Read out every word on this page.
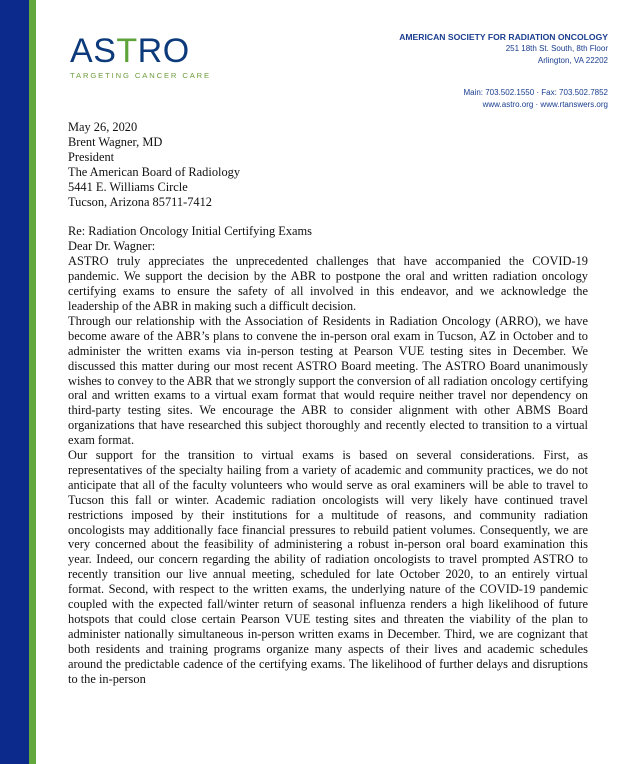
ASTRO
TARGETING CANCER CARE
AMERICAN SOCIETY FOR RADIATION ONCOLOGY
251 18th St. South, 8th Floor
Arlington, VA 22202
Main: 703.502.1550 · Fax: 703.502.7852
www.astro.org · www.rtanswers.org

May 26, 2020

Brent Wagner, MD

President

The American Board of Radiology

5441 E. Williams Circle

Tucson, Arizona 85711-7412

Re: Radiation Oncology Initial Certifying Exams

Dear Dr. Wagner:

ASTRO truly appreciates the unprecedented challenges that have accompanied the COVID-19 pandemic. We support the decision by the ABR to postpone the oral and written radiation oncology certifying exams to ensure the safety of all involved in this endeavor, and we acknowledge the leadership of the ABR in making such a difficult decision.

Through our relationship with the Association of Residents in Radiation Oncology (ARRO), we have become aware of the ABR’s plans to convene the in-person oral exam in Tucson, AZ in October and to administer the written exams via in-person testing at Pearson VUE testing sites in December. We discussed this matter during our most recent ASTRO Board meeting. The ASTRO Board unanimously wishes to convey to the ABR that we strongly support the conversion of all radiation oncology certifying oral and written exams to a virtual exam format that would require neither travel nor dependency on third-party testing sites. We encourage the ABR to consider alignment with other ABMS Board organizations that have researched this subject thoroughly and recently elected to transition to a virtual exam format.

Our support for the transition to virtual exams is based on several considerations. First, as representatives of the specialty hailing from a variety of academic and community practices, we do not anticipate that all of the faculty volunteers who would serve as oral examiners will be able to travel to Tucson this fall or winter. Academic radiation oncologists will very likely have continued travel restrictions imposed by their institutions for a multitude of reasons, and community radiation oncologists may additionally face financial pressures to rebuild patient volumes. Consequently, we are very concerned about the feasibility of administering a robust in-person oral board examination this year. Indeed, our concern regarding the ability of radiation oncologists to travel prompted ASTRO to recently transition our live annual meeting, scheduled for late October 2020, to an entirely virtual format. Second, with respect to the written exams, the underlying nature of the COVID-19 pandemic coupled with the expected fall/winter return of seasonal influenza renders a high likelihood of future hotspots that could close certain Pearson VUE testing sites and threaten the viability of the plan to administer nationally simultaneous in-person written exams in December. Third, we are cognizant that both residents and training programs organize many aspects of their lives and academic schedules around the predictable cadence of the certifying exams. The likelihood of further delays and disruptions to the in-person
